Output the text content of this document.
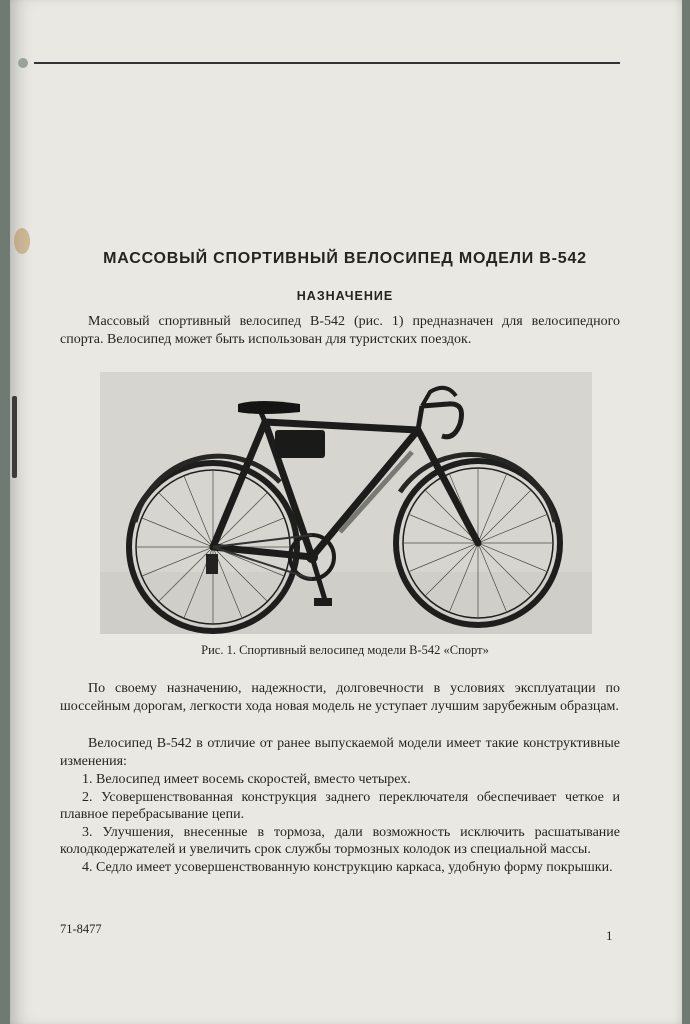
МАССОВЫЙ СПОРТИВНЫЙ ВЕЛОСИПЕД МОДЕЛИ В-542
НАЗНАЧЕНИЕ

Массовый спортивный велосипед В-542 (рис. 1) предназначен для велосипедного спорта. Велосипед может быть использован для туристских поездок.

Рис. 1. Спортивный велосипед модели В-542 «Спорт»

По своему назначению, надежности, долговечности в условиях эксплуатации по шоссейным дорогам, легкости хода новая модель не уступает лучшим зарубежным образцам.

Велосипед В-542 в отличие от ранее выпускаемой модели имеет такие конструктивные изменения:

1. Велосипед имеет восемь скоростей, вместо четырех.
2. Усовершенствованная конструкция заднего переключателя обеспечивает четкое и плавное перебрасывание цепи.
3. Улучшения, внесенные в тормоза, дали возможность исключить расшатывание колодкодержателей и увеличить срок службы тормозных колодок из специальной массы.
4. Седло имеет усовершенствованную конструкцию каркаса, удобную форму покрышки.

71-8477	1
